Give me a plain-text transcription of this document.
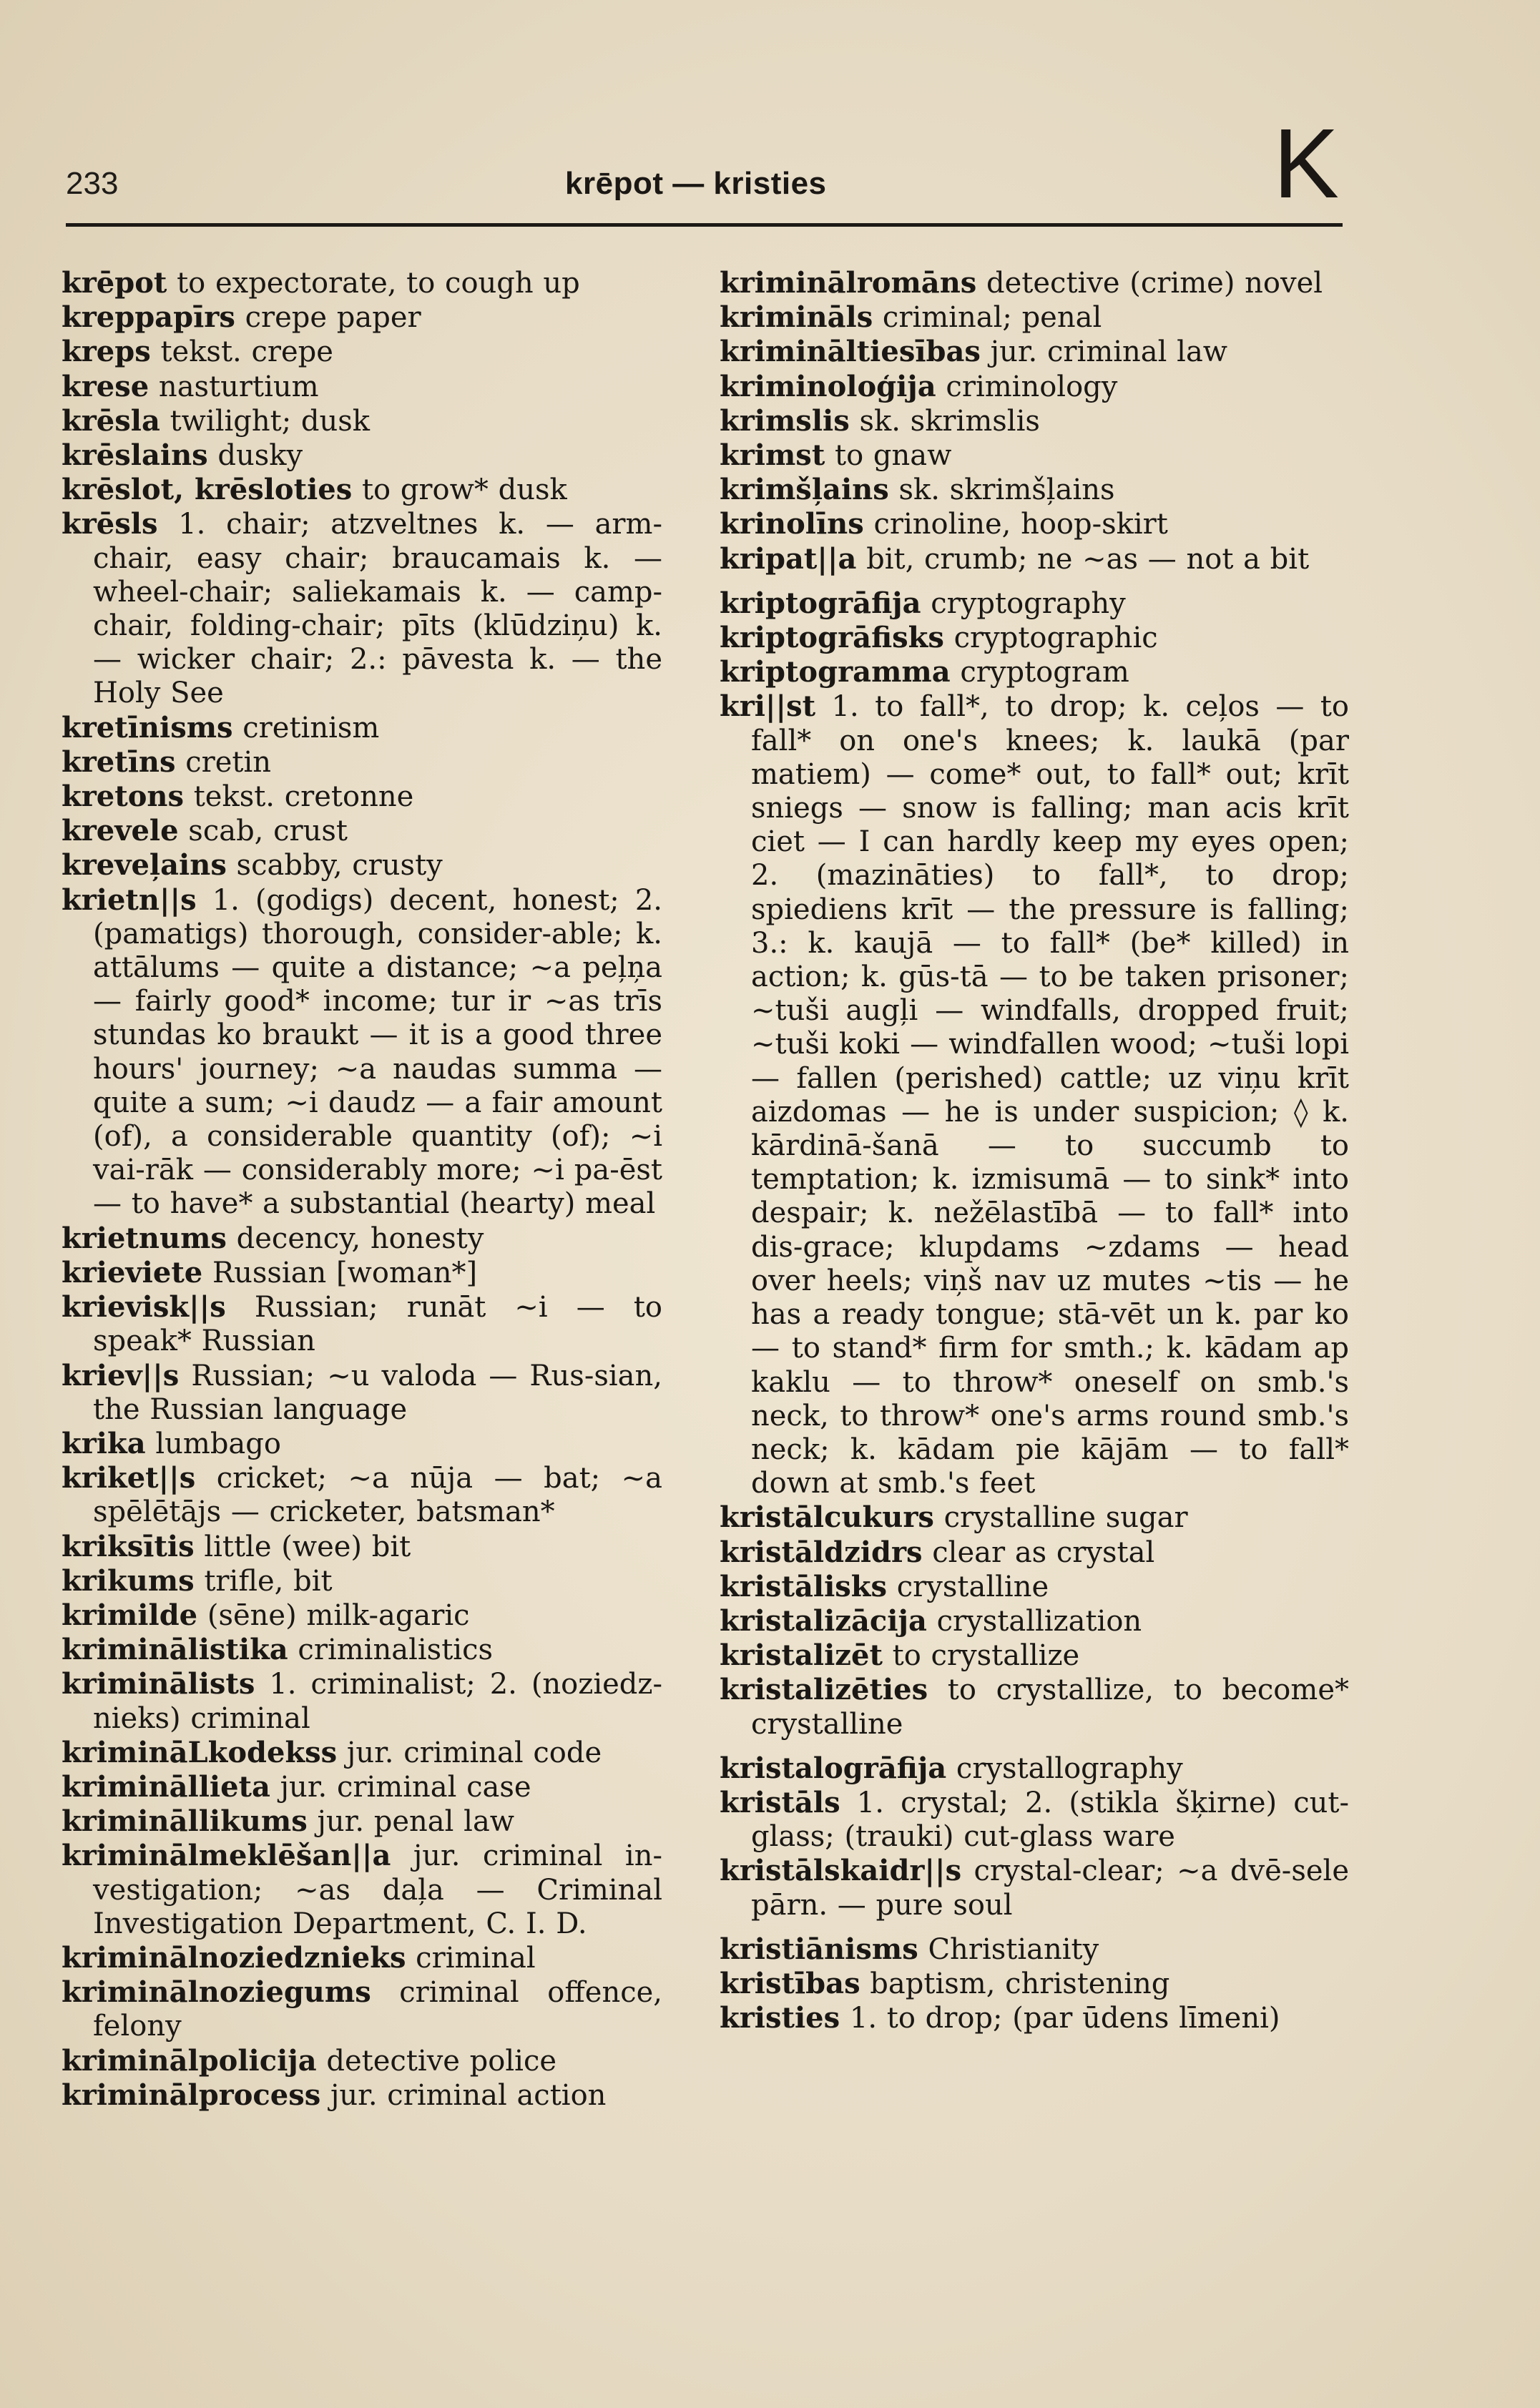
233	krēpot — kristies	K
krēpot to expectorate, to cough up
kreppapīrs crepe paper
kreps tekst. crepe
krese nasturtium
krēsla twilight; dusk
krēslains dusky
krēslot, krēsloties to grow* dusk
krēsls 1. chair; atzveltnes k. — arm-chair, easy chair; braucamais k. — wheel-chair; saliekamais k. — camp-chair, folding-chair; pīts (klūdziņu) k. — wicker chair; 2.: pāvesta k. — the Holy See
kretīnisms cretinism
kretīns cretin
kretons tekst. cretonne
krevele scab, crust
kreveļains scabby, crusty
krietn||s 1. (godigs) decent, honest; 2. (pamatigs) thorough, consider-able; k. attālums — quite a distance; ~a peļņa — fairly good* income; tur ir ~as trīs stundas ko braukt — it is a good three hours' journey; ~a naudas summa — quite a sum; ~i daudz — a fair amount (of), a considerable quantity (of); ~i vai-rāk — considerably more; ~i pa-ēst — to have* a substantial (hearty) meal
krietnums decency, honesty
krieviete Russian [woman*]
krievisk||s Russian; runāt ~i — to speak* Russian
kriev||s Russian; ~u valoda — Rus-sian, the Russian language
krika lumbago
kriket||s cricket; ~a nūja — bat; ~a spēlētājs — cricketer, batsman*
kriksītis little (wee) bit
krikums trifle, bit
krimilde (sēne) milk-agaric
kriminālistika criminalistics
kriminālists 1. criminalist; 2. (noziedz-nieks) criminal
krimināLkodekss jur. criminal code
krimināllieta jur. criminal case
krimināllikums jur. penal law
kriminālmeklēšan||a jur. criminal in-vestigation; ~as daļa — Criminal Investigation Department, C. I. D.
kriminālnoziedznieks criminal
kriminālnoziegums criminal offence, felony
kriminālpolicija detective police
kriminālprocess jur. criminal action
kriminālromāns detective (crime) novel
krimināls criminal; penal
krimināltiesības jur. criminal law
kriminoloģija criminology
krimslis sk. skrimslis
krimst to gnaw
krimšļains sk. skrimšļains
krinolīns crinoline, hoop-skirt
kripat||a bit, crumb; ne ~as — not a bit
kriptogrāfija cryptography
kriptogrāfisks cryptographic
kriptogramma cryptogram
kri||st 1. to fall*, to drop; k. ceļos — to fall* on one's knees; k. laukā (par matiem) — come* out, to fall* out; krīt sniegs — snow is falling; man acis krīt ciet — I can hardly keep my eyes open; 2. (mazināties) to fall*, to drop; spiediens krīt — the pressure is falling; 3.: k. kaujā — to fall* (be* killed) in action; k. gūs-tā — to be taken prisoner; ~tuši augļi — windfalls, dropped fruit; ~tuši koki — windfallen wood; ~tuši lopi — fallen (perished) cattle; uz viņu krīt aizdomas — he is under suspicion; ◊ k. kārdinā-šanā — to succumb to temptation; k. izmisumā — to sink* into despair; k. nežēlastībā — to fall* into dis-grace; klupdams ~zdams — head over heels; viņš nav uz mutes ~tis — he has a ready tongue; stā-vēt un k. par ko — to stand* firm for smth.; k. kādam ap kaklu — to throw* oneself on smb.'s neck, to throw* one's arms round smb.'s neck; k. kādam pie kājām — to fall* down at smb.'s feet
kristālcukurs crystalline sugar
kristāldzidrs clear as crystal
kristālisks crystalline
kristalizācija crystallization
kristalizēt to crystallize
kristalizēties to crystallize, to become* crystalline
kristalogrāfija crystallography
kristāls 1. crystal; 2. (stikla šķirne) cut-glass; (trauki) cut-glass ware
kristālskaidr||s crystal-clear; ~a dvē-sele pārn. — pure soul
kristiānisms Christianity
kristības baptism, christening
kristies 1. to drop; (par ūdens līmeni)
